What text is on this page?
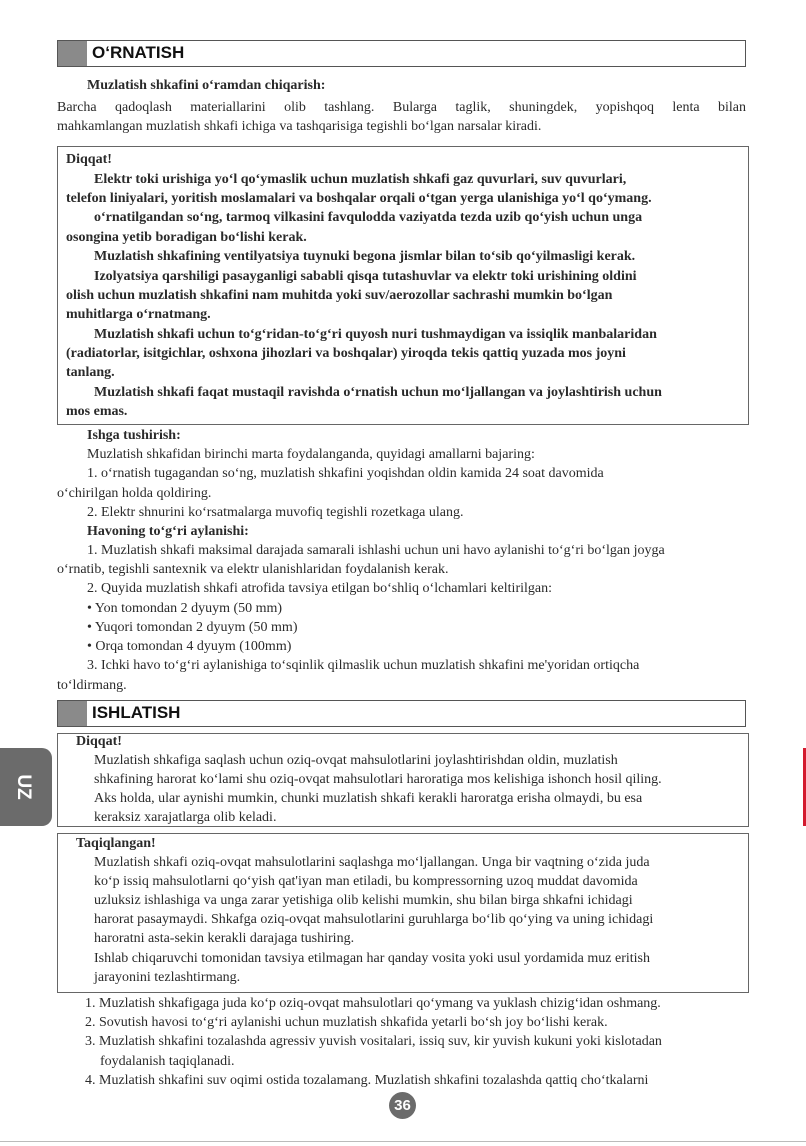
O‘RNATISH
Muzlatish shkafini o‘ramdan chiqarish:
Barcha qadoqlash materiallarini olib tashlang. Bulargа taglik, shuningdek, yopishqoq lenta bilan
mahkamlangan muzlatish shkafi ichiga va tashqarisiga tegishli bo‘lgan narsalar kiradi.
Diqqat!
Elektr toki urishiga yo‘l qo‘ymaslik uchun muzlatish shkafi gaz quvurlari, suv quvurlari,
telefon liniyalari, yoritish moslamalari va boshqalar orqali o‘tgan yerga ulanishiga yo‘l qo‘ymang.
o‘rnatilgandan so‘ng, tarmoq vilkasini favqulodda vaziyatda tezda uzib qo‘yish uchun unga
osongina yetib boradigan bo‘lishi kerak.
Muzlatish shkafining ventilyatsiya tuynuki begona jismlar bilan to‘sib qo‘yilmasligi kerak.
Izolyatsiya qarshiligi pasayganligi sababli qisqa tutashuvlar va elektr toki urishining oldini
olish uchun muzlatish shkafini nam muhitda yoki suv/aerozollar sachrashi mumkin bo‘lgan
muhitlarga o‘rnatmang.
Muzlatish shkafi uchun to‘g‘ridan-to‘g‘ri quyosh nuri tushmaydigan va issiqlik manbalaridan
(radiatorlar, isitgichlar, oshxona jihozlari va boshqalar) yiroqda tekis qattiq yuzada mos joyni
tanlang.
Muzlatish shkafi faqat mustaqil ravishda o‘rnatish uchun mo‘ljallangan va joylashtirish uchun
mos emas.
Ishga tushirish:
Muzlatish shkafidan birinchi marta foydalanganda, quyidagi amallarni bajaring:
1. o‘rnatish tugagandan so‘ng, muzlatish shkafini yoqishdan oldin kamida 24 soat davomida
o‘chirilgan holda qoldiring.
2. Elektr shnurini ko‘rsatmalarga muvofiq tegishli rozetkaga ulang.
Havoning to‘g‘ri aylanishi:
1. Muzlatish shkafi maksimal darajada samarali ishlashi uchun uni havo aylanishi to‘g‘ri bo‘lgan joyga
o‘rnatib, tegishli santexnik va elektr ulanishlaridan foydalanish kerak.
2. Quyida muzlatish shkafi atrofida tavsiya etilgan bo‘shliq o‘lchamlari keltirilgan:
• Yon tomondan 2 dyuym (50 mm)
• Yuqori tomondan 2 dyuym (50 mm)
• Orqa tomondan 4 dyuym (100mm)
3. Ichki havo to‘g‘ri aylanishiga to‘sqinlik qilmaslik uchun muzlatish shkafini me'yoridan ortiqcha
to‘ldirmang.
ISHLATISH
Diqqat!
Muzlatish shkafiga saqlash uchun oziq-ovqat mahsulotlarini joylashtirishdan oldin, muzlatish
shkafining harorat ko‘lami shu oziq-ovqat mahsulotlari haroratiga mos kelishiga ishonch hosil qiling.
Aks holda, ular aynishi mumkin, chunki muzlatish shkafi kerakli haroratga erisha olmaydi, bu esa
keraksiz xarajatlarga olib keladi.
Taqiqlangan!
Muzlatish shkafi oziq-ovqat mahsulotlarini saqlashga mo‘ljallangan. Unga bir vaqtning o‘zida juda
ko‘p issiq mahsulotlarni qo‘yish qat'iyan man etiladi, bu kompressorning uzoq muddat davomida
uzluksiz ishlashiga va unga zarar yetishiga olib kelishi mumkin, shu bilan birga shkafni ichidagi
harorat pasaymaydi. Shkafga oziq-ovqat mahsulotlarini guruhlarga bo‘lib qo‘ying va uning ichidagi
haroratni asta-sekin kerakli darajaga tushiring.
Ishlab chiqaruvchi tomonidan tavsiya etilmagan har qanday vosita yoki usul yordamida muz eritish
jarayonini tezlashtirmang.
1. Muzlatish shkafigaga juda ko‘p oziq-ovqat mahsulotlari qo‘ymang va yuklash chizig‘idan oshmang.
2. Sovutish havosi to‘g‘ri aylanishi uchun muzlatish shkafida yetarli bo‘sh joy bo‘lishi kerak.
3. Muzlatish shkafini tozalashda agressiv yuvish vositalari, issiq suv, kir yuvish kukuni yoki kislotadan
foydalanish taqiqlanadi.
4. Muzlatish shkafini suv oqimi ostida tozalamang. Muzlatish shkafini tozalashda qattiq cho‘tkalarni
UZ
36
